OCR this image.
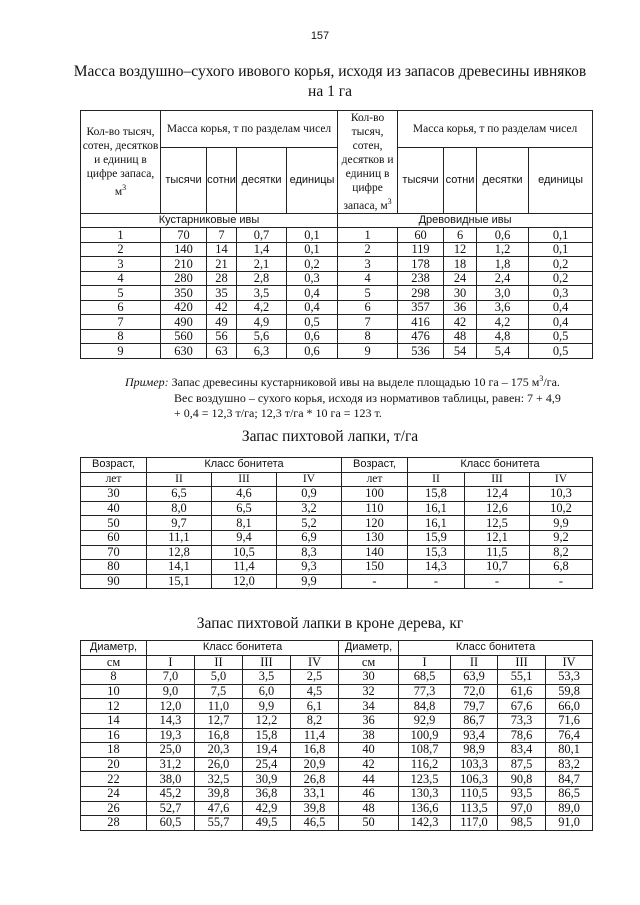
157
Масса воздушно–сухого ивового корья, исходя из запасов древесины ивняков
на 1 га
Кол-во тысяч, сотен, десятков и единиц в цифре запаса, $м^3$	Масса корья, т по разделам чисел				Кол-во тысяч, сотен, десятков и единиц в цифре запаса, $м^3$	Масса корья, т по разделам чисел			
	тысячи	сотни	десятки	единицы		тысячи	сотни	десятки	единицы
Кустарниковые ивы					Древовидные ивы				
1	70	7	0,7	0,1	1	60	6	0,6	0,1
2	140	14	1,4	0,1	2	119	12	1,2	0,1
3	210	21	2,1	0,2	3	178	18	1,8	0,2
4	280	28	2,8	0,3	4	238	24	2,4	0,2
5	350	35	3,5	0,4	5	298	30	3,0	0,3
6	420	42	4,2	0,4	6	357	36	3,6	0,4
7	490	49	4,9	0,5	7	416	42	4,2	0,4
8	560	56	5,6	0,6	8	476	48	4,8	0,5
9	630	63	6,3	0,6	9	536	54	5,4	0,5
Пример: Запас древесины кустарниковой ивы на выделе площадью 10 га – 175 $м^3/га$.
Вес воздушно – сухого корья, исходя из нормативов таблицы, равен: 7 + 4,9
+ 0,4 = 12,3 т/га; 12,3 т/га * 10 га = 123 т.
Запас пихтовой лапки, т/га
Возраст,	Класс бонитета			Возраст,	Класс бонитета		
лет	II	III	IV	лет	II	III	IV
30	6,5	4,6	0,9	100	15,8	12,4	10,3
40	8,0	6,5	3,2	110	16,1	12,6	10,2
50	9,7	8,1	5,2	120	16,1	12,5	9,9
60	11,1	9,4	6,9	130	15,9	12,1	9,2
70	12,8	10,5	8,3	140	15,3	11,5	8,2
80	14,1	11,4	9,3	150	14,3	10,7	6,8
90	15,1	12,0	9,9	-	-	-	-
Запас пихтовой лапки в кроне дерева, кг
Диаметр,	Класс бонитета				Диаметр,	Класс бонитета			
см	I	II	III	IV	см	I	II	III	IV
8	7,0	5,0	3,5	2,5	30	68,5	63,9	55,1	53,3
10	9,0	7,5	6,0	4,5	32	77,3	72,0	61,6	59,8
12	12,0	11,0	9,9	6,1	34	84,8	79,7	67,6	66,0
14	14,3	12,7	12,2	8,2	36	92,9	86,7	73,3	71,6
16	19,3	16,8	15,8	11,4	38	100,9	93,4	78,6	76,4
18	25,0	20,3	19,4	16,8	40	108,7	98,9	83,4	80,1
20	31,2	26,0	25,4	20,9	42	116,2	103,3	87,5	83,2
22	38,0	32,5	30,9	26,8	44	123,5	106,3	90,8	84,7
24	45,2	39,8	36,8	33,1	46	130,3	110,5	93,5	86,5
26	52,7	47,6	42,9	39,8	48	136,6	113,5	97,0	89,0
28	60,5	55,7	49,5	46,5	50	142,3	117,0	98,5	91,0
